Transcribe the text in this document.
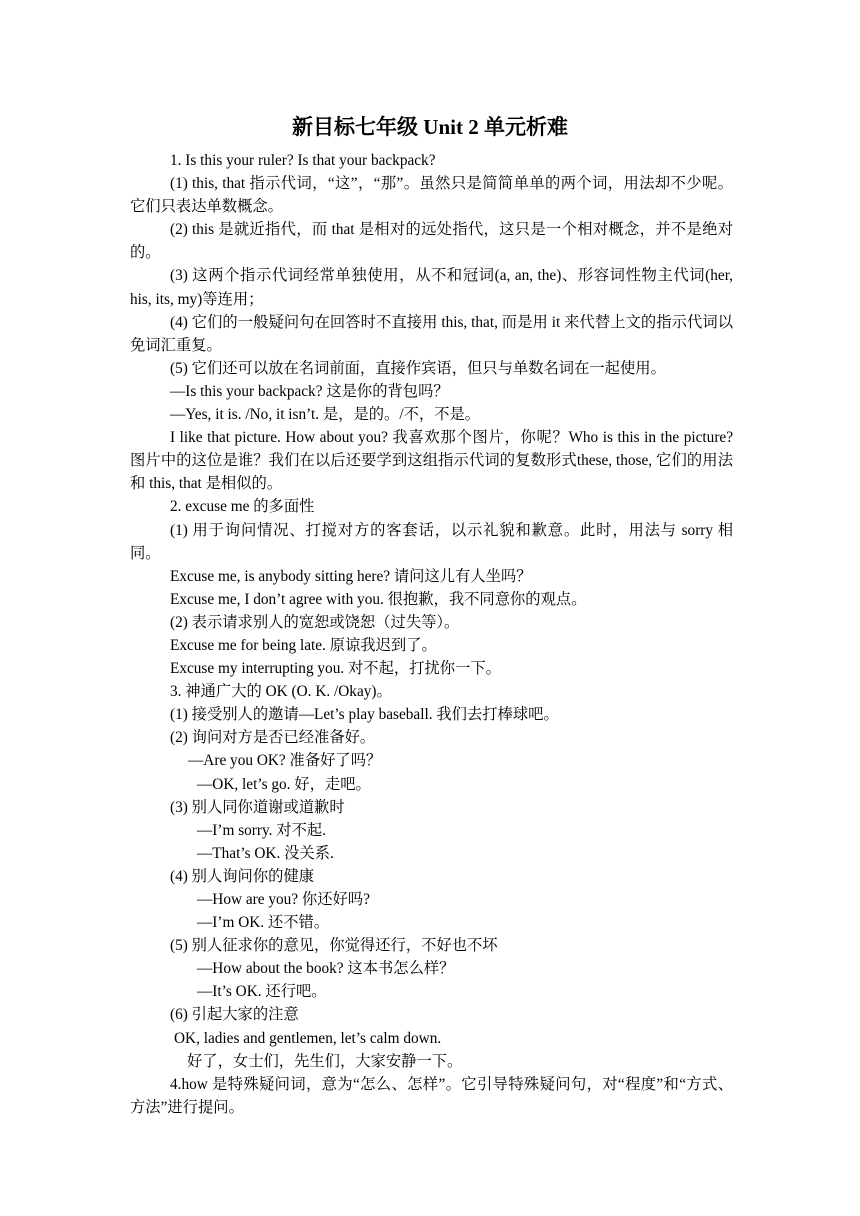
新目标七年级 Unit 2 单元析难

1. Is this your ruler? Is that your backpack?

(1) this, that 指示代词，“这”，“那”。虽然只是简简单单的两个词，用法却不少呢。它们只表达单数概念。

(2) this 是就近指代，而 that 是相对的远处指代，这只是一个相对概念，并不是绝对的。

(3) 这两个指示代词经常单独使用，从不和冠词(a, an, the)、形容词性物主代词(her, his, its, my)等连用；

(4) 它们的一般疑问句在回答时不直接用 this, that, 而是用 it 来代替上文的指示代词以免词汇重复。

(5) 它们还可以放在名词前面，直接作宾语，但只与单数名词在一起使用。

—Is this your backpack? 这是你的背包吗？

—Yes, it is. /No, it isn’t. 是，是的。/不，不是。

I like that picture. How about you? 我喜欢那个图片，你呢？Who is this in the picture? 图片中的这位是谁？我们在以后还要学到这组指示代词的复数形式these, those, 它们的用法和 this, that 是相似的。

2. excuse me 的多面性

(1) 用于询问情况、打搅对方的客套话，以示礼貌和歉意。此时，用法与 sorry 相同。

Excuse me, is anybody sitting here? 请问这儿有人坐吗？

Excuse me, I don’t agree with you. 很抱歉，我不同意你的观点。

(2) 表示请求别人的宽恕或饶恕（过失等）。

Excuse me for being late. 原谅我迟到了。

Excuse my interrupting you. 对不起，打扰你一下。

3. 神通广大的 OK (O. K. /Okay)。

(1) 接受别人的邀请—Let’s play baseball. 我们去打棒球吧。

(2) 询问对方是否已经准备好。

—Are you OK? 准备好了吗？

—OK, let’s go. 好，走吧。

(3) 别人同你道谢或道歉时

—I’m sorry. 对不起.

—That’s OK. 没关系.

(4) 别人询问你的健康

—How are you? 你还好吗?

—I’m OK. 还不错。

(5) 别人征求你的意见，你觉得还行，不好也不坏

—How about the book? 这本书怎么样？

—It’s OK. 还行吧。

(6) 引起大家的注意

OK, ladies and gentlemen, let’s calm down.

好了，女士们，先生们，大家安静一下。

4.how 是特殊疑问词，意为“怎么、怎样”。它引导特殊疑问句，对“程度”和“方式、方法”进行提问。
